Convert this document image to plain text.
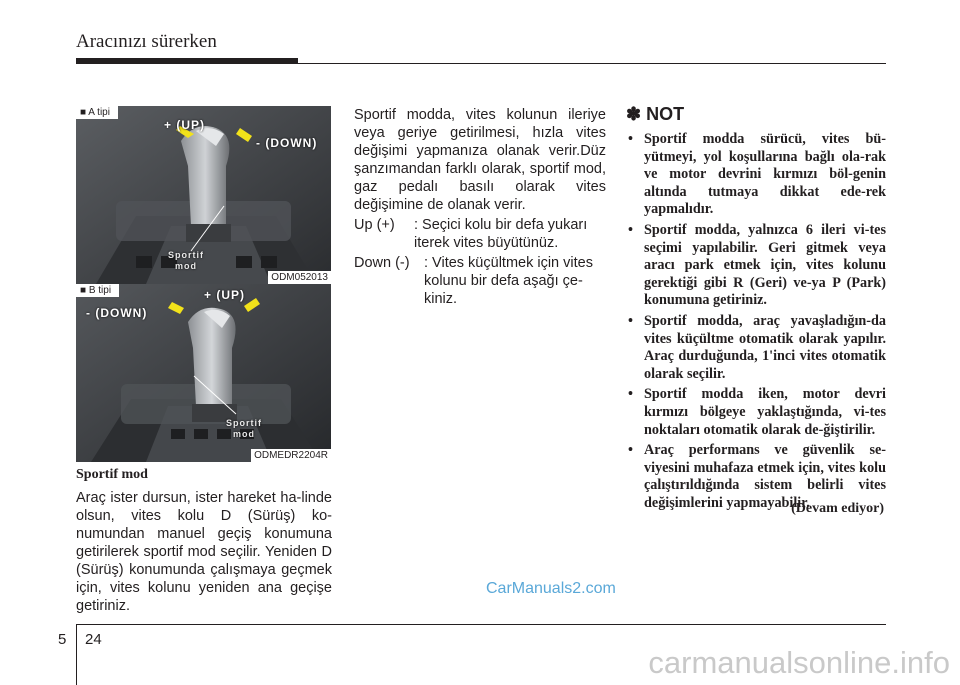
Aracınızı sürerken
■ A tipi
ODM052013
+ (UP)
- (DOWN)
Sportif
mod
■ B tipi
ODMEDR2204R
+ (UP)
- (DOWN)
Sportif
mod
Sportif mod
Araç ister dursun, ister hareket ha-linde olsun, vites kolu D (Sürüş) ko-numundan manuel geçiş konumuna getirilerek sportif mod seçilir. Yeniden D (Sürüş) konumunda çalışmaya geçmek için, vites kolunu yeniden ana geçişe getiriniz.
Sportif modda, vites kolunun ileriye veya geriye getirilmesi, hızla vites değişimi yapmanıza olanak verir.Düz şanzımandan farklı olarak, sportif mod, gaz pedalı basılı olarak vites değişimine de olanak verir.
Up (+) : Seçici kolu bir defa yukarı iterek vites büyütünüz.
Down (-) : Vites küçültmek için vites kolunu bir defa aşağı çe-kiniz.
✽ NOT
• Sportif modda sürücü, vites bü-yütmeyi, yol koşullarına bağlı ola-rak ve motor devrini kırmızı böl-genin altında tutmaya dikkat ede-rek yapmalıdır.
• Sportif modda, yalnızca 6 ileri vi-tes seçimi yapılabilir. Geri gitmek veya aracı park etmek için, vites kolunu gerektiği gibi R (Geri) ve-ya P (Park) konumuna getiriniz.
• Sportif modda, araç yavaşladığın-da vites küçültme otomatik olarak yapılır. Araç durduğunda, 1'inci vites otomatik olarak seçilir.
• Sportif modda iken, motor devri kırmızı bölgeye yaklaştığında, vi-tes noktaları otomatik olarak de-ğiştirilir.
• Araç performans ve güvenlik se-viyesini muhafaza etmek için, vites kolu çalıştırıldığında sistem belirli vites değişimlerini yapmayabilir.
(Devam ediyor)
CarManuals2.com
5 24
carmanualsonline.info
